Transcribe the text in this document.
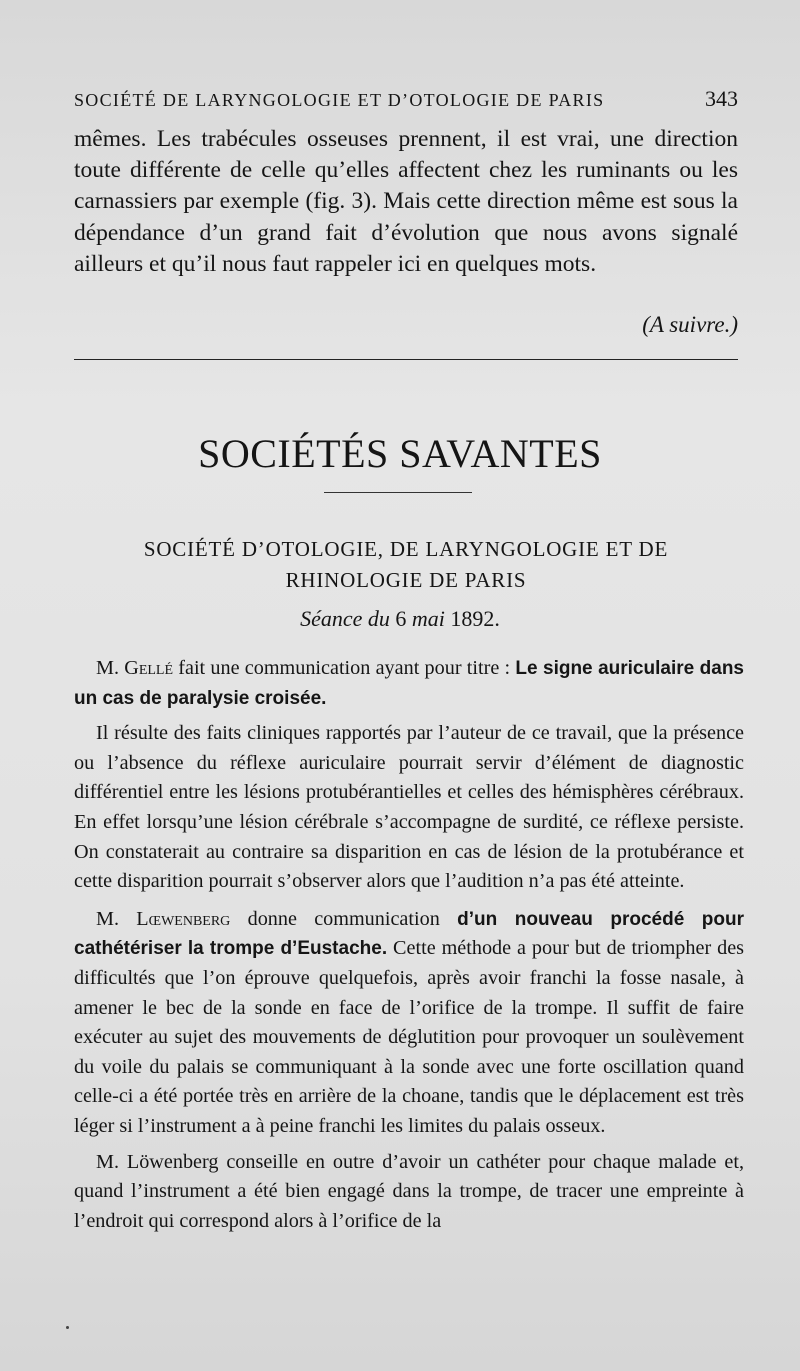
SOCIÉTÉ DE LARYNGOLOGIE ET D’OTOLOGIE DE PARIS	343

mêmes. Les trabécules osseuses prennent, il est vrai, une direction toute différente de celle qu’elles affectent chez les ruminants ou les carnassiers par exemple (fig. 3). Mais cette direction même est sous la dépendance d’un grand fait d’évolution que nous avons signalé ailleurs et qu’il nous faut rappeler ici en quelques mots.

(A suivre.)
SOCIÉTÉS SAVANTES
SOCIÉTÉ D’OTOLOGIE, DE LARYNGOLOGIE ET DE RHINOLOGIE DE PARIS
Séance du 6 mai 1892.

M. Gellé fait une communication ayant pour titre : Le signe auriculaire dans un cas de paralysie croisée.

Il résulte des faits cliniques rapportés par l’auteur de ce travail, que la présence ou l’absence du réflexe auriculaire pourrait servir d’élément de diagnostic différentiel entre les lésions protubérantielles et celles des hémisphères cérébraux. En effet lorsqu’une lésion cérébrale s’accompagne de surdité, ce réflexe persiste. On constaterait au contraire sa disparition en cas de lésion de la protubérance et cette disparition pourrait s’observer alors que l’audition n’a pas été atteinte.

M. Lœwenberg donne communication d’un nouveau procédé pour cathétériser la trompe d’Eustache. Cette méthode a pour but de triompher des difficultés que l’on éprouve quelquefois, après avoir franchi la fosse nasale, à amener le bec de la sonde en face de l’orifice de la trompe. Il suffit de faire exécuter au sujet des mouvements de déglutition pour provoquer un soulèvement du voile du palais se communiquant à la sonde avec une forte oscillation quand celle-ci a été portée très en arrière de la choane, tandis que le déplacement est très léger si l’instrument a à peine franchi les limites du palais osseux.

M. Löwenberg conseille en outre d’avoir un cathéter pour chaque malade et, quand l’instrument a été bien engagé dans la trompe, de tracer une empreinte à l’endroit qui correspond alors à l’orifice de la
